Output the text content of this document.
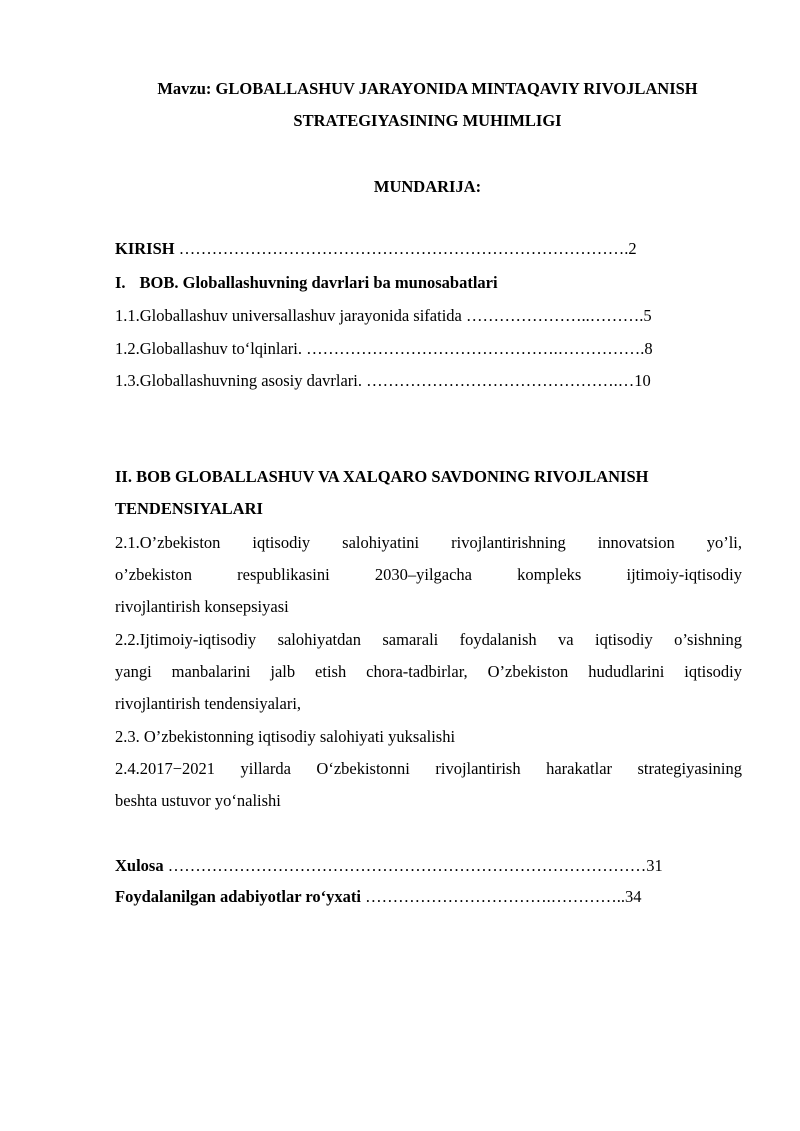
Mavzu: GLOBALLASHUV JARAYONIDA MINTAQAVIY RIVOJLANISH
STRATEGIYASINING MUHIMLIGI
MUNDARIJA:
KIRISH ……………………………………………………………………….2
I. BOB. Globallashuvning davrlari ba munosabatlari
1.1.Globallashuv universallashuv jarayonida sifatida …………………..……….5
1.2.Globallashuv to‘lqinlari. ……………………………………….…………….8
1.3.Globallashuvning asosiy davrlari. ……………………………………….…10
II. BOB GLOBALLASHUV VA XALQARO SAVDONING RIVOJLANISH
TENDENSIYALARI
2.1.O’zbekiston iqtisodiy salohiyatini rivojlantirishning innovatsion yo’li,
o’zbekiston respublikasini 2030–yilgacha kompleks ijtimoiy-iqtisodiy
rivojlantirish konsepsiyasi
2.2.Ijtimoiy-iqtisodiy salohiyatdan samarali foydalanish va iqtisodiy o’sishning
yangi manbalarini jalb etish chora-tadbirlar, O’zbekiston hududlarini iqtisodiy
rivojlantirish tendensiyalari,
2.3. O’zbekistonning iqtisodiy salohiyati yuksalishi
2.4.2017−2021 yillarda O‘zbekistonni rivojlantirish harakatlar strategiyasining
beshta ustuvor yo‘nalishi
Xulosa ……………………………………………………………………………31
Foydalanilgan adabiyotlar ro‘yxati …………………………….…………..34
